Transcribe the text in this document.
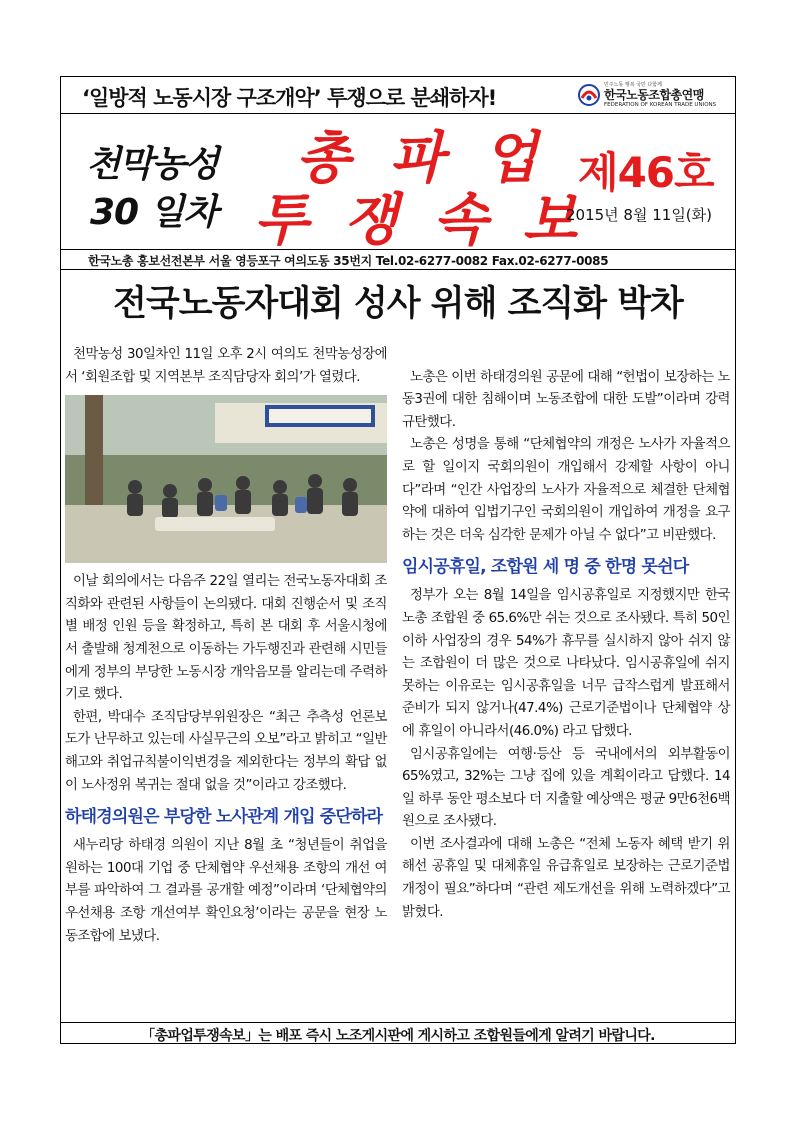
‘일방적 노동시장 구조개악’ 투쟁으로 분쇄하자!
민주노동 행복 국민 다함께
한국노동조합총연맹
FEDERATION OF KOREAN TRADE UNIONS
천막농성
30 일차
총 파 업
투 쟁 속 보
제46호
2015년 8월 11일(화)
한국노총 홍보선전본부 서울 영등포구 여의도동 35번지 Tel.02-6277-0082 Fax.02-6277-0085
전국노동자대회 성사 위해 조직화 박차

천막농성 30일차인 11일 오후 2시 여의도 천막농성장에서 ‘회원조합 및 지역본부 조직담당자 회의’가 열렸다.

이날 회의에서는 다음주 22일 열리는 전국노동자대회 조직화와 관련된 사항들이 논의됐다. 대회 진행순서 및 조직별 배정 인원 등을 확정하고, 특히 본 대회 후 서울시청에서 출발해 청계천으로 이동하는 가두행진과 관련해 시민들에게 정부의 부당한 노동시장 개악음모를 알리는데 주력하기로 했다.

한편, 박대수 조직담당부위원장은 “최근 추측성 언론보도가 난무하고 있는데 사실무근의 오보”라고 밝히고 “일반해고와 취업규칙불이익변경을 제외한다는 정부의 확답 없이 노사정위 복귀는 절대 없을 것”이라고 강조했다.

하태경의원은 부당한 노사관계 개입 중단하라

새누리당 하태경 의원이 지난 8월 초 “청년들이 취업을 원하는 100대 기업 중 단체협약 우선채용 조항의 개선 여부를 파악하여 그 결과를 공개할 예정”이라며 ‘단체협약의 우선채용 조항 개선여부 확인요청’이라는 공문을 현장 노동조합에 보냈다.

노총은 이번 하태경의원 공문에 대해 “헌법이 보장하는 노동3권에 대한 침해이며 노동조합에 대한 도발”이라며 강력규탄했다.

노총은 성명을 통해 “단체협약의 개정은 노사가 자율적으로 할 일이지 국회의원이 개입해서 강제할 사항이 아니다”라며 “인간 사업장의 노사가 자율적으로 체결한 단체협약에 대하여 입법기구인 국회의원이 개입하여 개정을 요구하는 것은 더욱 심각한 문제가 아닐 수 없다”고 비판했다.

임시공휴일, 조합원 세 명 중 한명 못쉰다

정부가 오는 8월 14일을 임시공휴일로 지정했지만 한국노총 조합원 중 65.6%만 쉬는 것으로 조사됐다. 특히 50인 이하 사업장의 경우 54%가 휴무를 실시하지 않아 쉬지 않는 조합원이 더 많은 것으로 나타났다. 임시공휴일에 쉬지 못하는 이유로는 임시공휴일을 너무 급작스럽게 발표해서 준비가 되지 않거나(47.4%) 근로기준법이나 단체협약 상에 휴일이 아니라서(46.0%) 라고 답했다.

임시공휴일에는 여행·등산 등 국내에서의 외부활동이 65%였고, 32%는 그냥 집에 있을 계획이라고 답했다. 14일 하루 동안 평소보다 더 지출할 예상액은 평균 9만6천6백원으로 조사됐다.

이번 조사결과에 대해 노총은 “전체 노동자 혜택 받기 위해선 공휴일 및 대체휴일 유급휴일로 보장하는 근로기준법 개정이 필요”하다며 “관련 제도개선을 위해 노력하겠다”고 밝혔다.

「총파업투쟁속보」는 배포 즉시 노조게시판에 게시하고 조합원들에게 알려기 바랍니다.
